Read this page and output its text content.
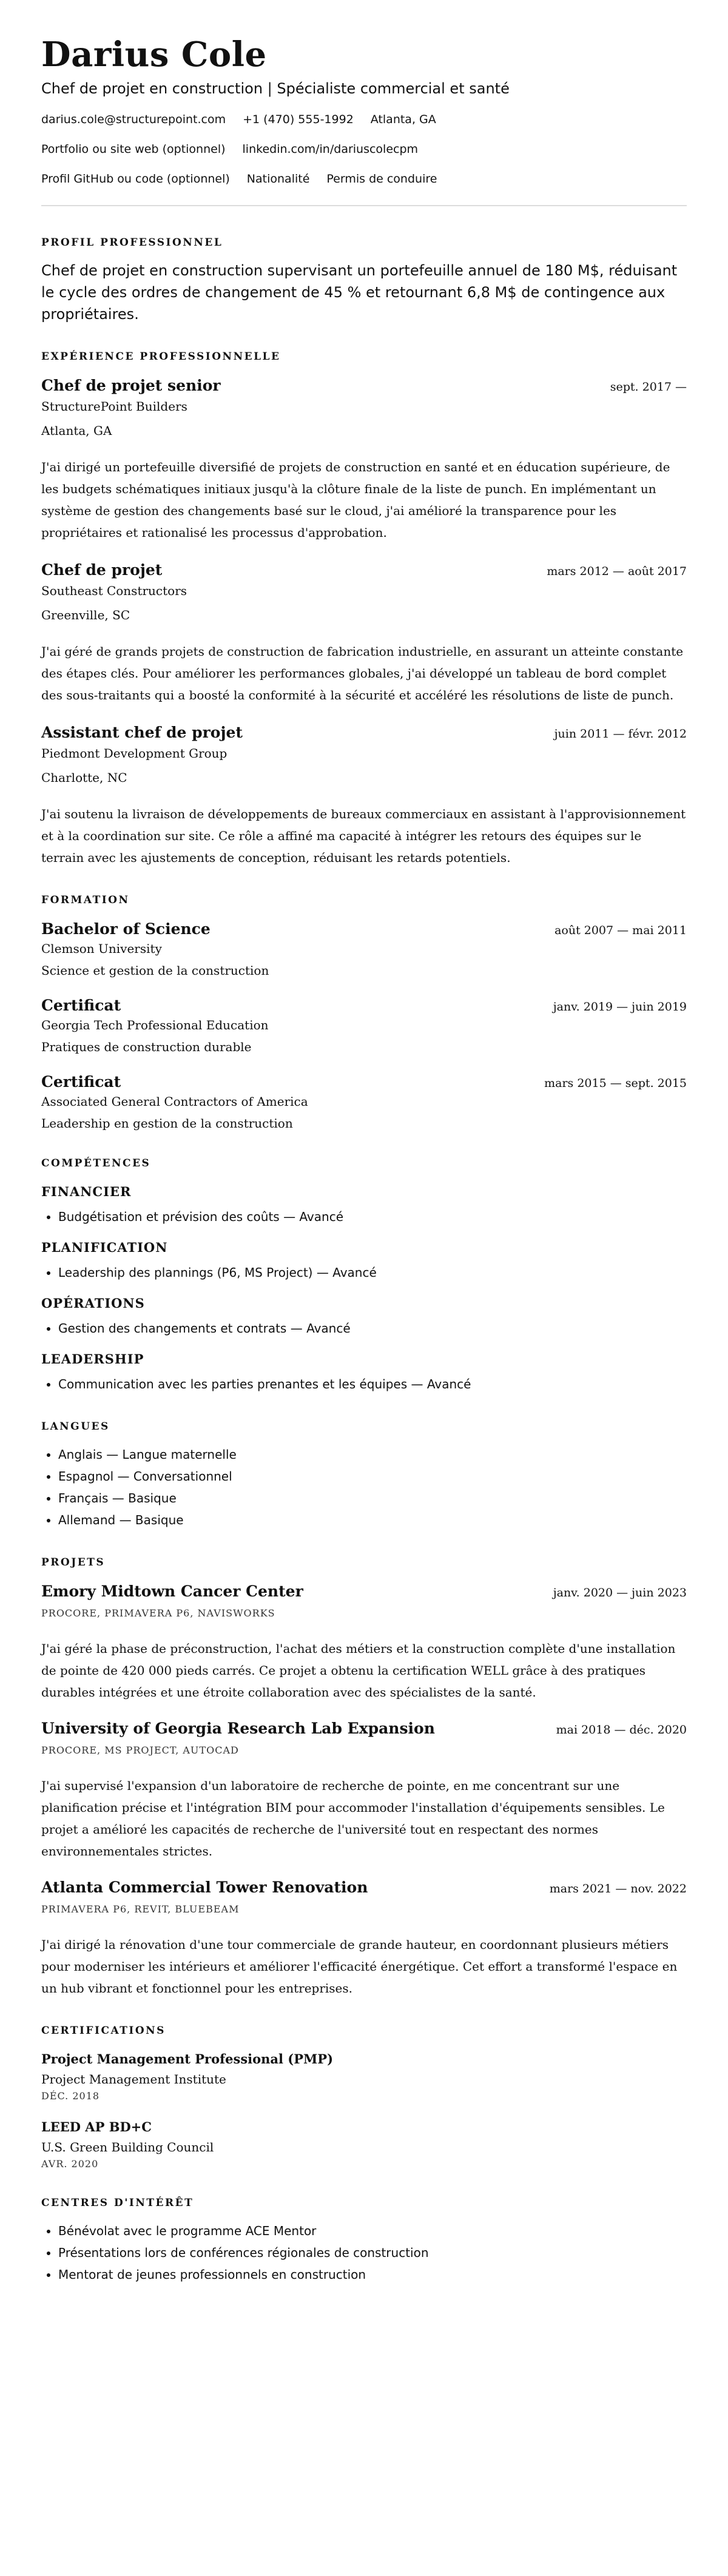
Darius Cole
Chef de projet en construction | Spécialiste commercial et santé
darius.cole@structurepoint.com +1 (470) 555-1992 Atlanta, GA
Portfolio ou site web (optionnel) linkedin.com/in/dariuscolecpm
Profil GitHub ou code (optionnel) Nationalité Permis de conduire
PROFIL PROFESSIONNEL
Chef de projet en construction supervisant un portefeuille annuel de 180 M$, réduisant le cycle des ordres de changement de 45 % et retournant 6,8 M$ de contingence aux propriétaires.
EXPÉRIENCE PROFESSIONNELLE
Chef de projet senior	sept. 2017 —
StructurePoint Builders
Atlanta, GA

J'ai dirigé un portefeuille diversifié de projets de construction en santé et en éducation supérieure, de les budgets schématiques initiaux jusqu'à la clôture finale de la liste de punch. En implémentant un système de gestion des changements basé sur le cloud, j'ai amélioré la transparence pour les propriétaires et rationalisé les processus d'approbation.

Chef de projet	mars 2012 — août 2017
Southeast Constructors
Greenville, SC

J'ai géré de grands projets de construction de fabrication industrielle, en assurant un atteinte constante des étapes clés. Pour améliorer les performances globales, j'ai développé un tableau de bord complet des sous-traitants qui a boosté la conformité à la sécurité et accéléré les résolutions de liste de punch.

Assistant chef de projet	juin 2011 — févr. 2012
Piedmont Development Group
Charlotte, NC

J'ai soutenu la livraison de développements de bureaux commerciaux en assistant à l'approvisionnement et à la coordination sur site. Ce rôle a affiné ma capacité à intégrer les retours des équipes sur le terrain avec les ajustements de conception, réduisant les retards potentiels.

FORMATION
Bachelor of Science	août 2007 — mai 2011
Clemson University
Science et gestion de la construction
Certificat	janv. 2019 — juin 2019
Georgia Tech Professional Education
Pratiques de construction durable
Certificat	mars 2015 — sept. 2015
Associated General Contractors of America
Leadership en gestion de la construction
COMPÉTENCES
FINANCIER
• Budgétisation et prévision des coûts — Avancé
PLANIFICATION
• Leadership des plannings (P6, MS Project) — Avancé
OPÉRATIONS
• Gestion des changements et contrats — Avancé
LEADERSHIP
• Communication avec les parties prenantes et les équipes — Avancé
LANGUES
• Anglais — Langue maternelle
• Espagnol — Conversationnel
• Français — Basique
• Allemand — Basique
PROJETS
Emory Midtown Cancer Center	janv. 2020 — juin 2023
PROCORE, PRIMAVERA P6, NAVISWORKS

J'ai géré la phase de préconstruction, l'achat des métiers et la construction complète d'une installation de pointe de 420 000 pieds carrés. Ce projet a obtenu la certification WELL grâce à des pratiques durables intégrées et une étroite collaboration avec des spécialistes de la santé.

University of Georgia Research Lab Expansion	mai 2018 — déc. 2020
PROCORE, MS PROJECT, AUTOCAD

J'ai supervisé l'expansion d'un laboratoire de recherche de pointe, en me concentrant sur une planification précise et l'intégration BIM pour accommoder l'installation d'équipements sensibles. Le projet a amélioré les capacités de recherche de l'université tout en respectant des normes environnementales strictes.

Atlanta Commercial Tower Renovation	mars 2021 — nov. 2022
PRIMAVERA P6, REVIT, BLUEBEAM

J'ai dirigé la rénovation d'une tour commerciale de grande hauteur, en coordonnant plusieurs métiers pour moderniser les intérieurs et améliorer l'efficacité énergétique. Cet effort a transformé l'espace en un hub vibrant et fonctionnel pour les entreprises.

CERTIFICATIONS
Project Management Professional (PMP)
Project Management Institute
DÉC. 2018
LEED AP BD+C
U.S. Green Building Council
AVR. 2020
CENTRES D'INTÉRÊT
• Bénévolat avec le programme ACE Mentor
• Présentations lors de conférences régionales de construction
• Mentorat de jeunes professionnels en construction
